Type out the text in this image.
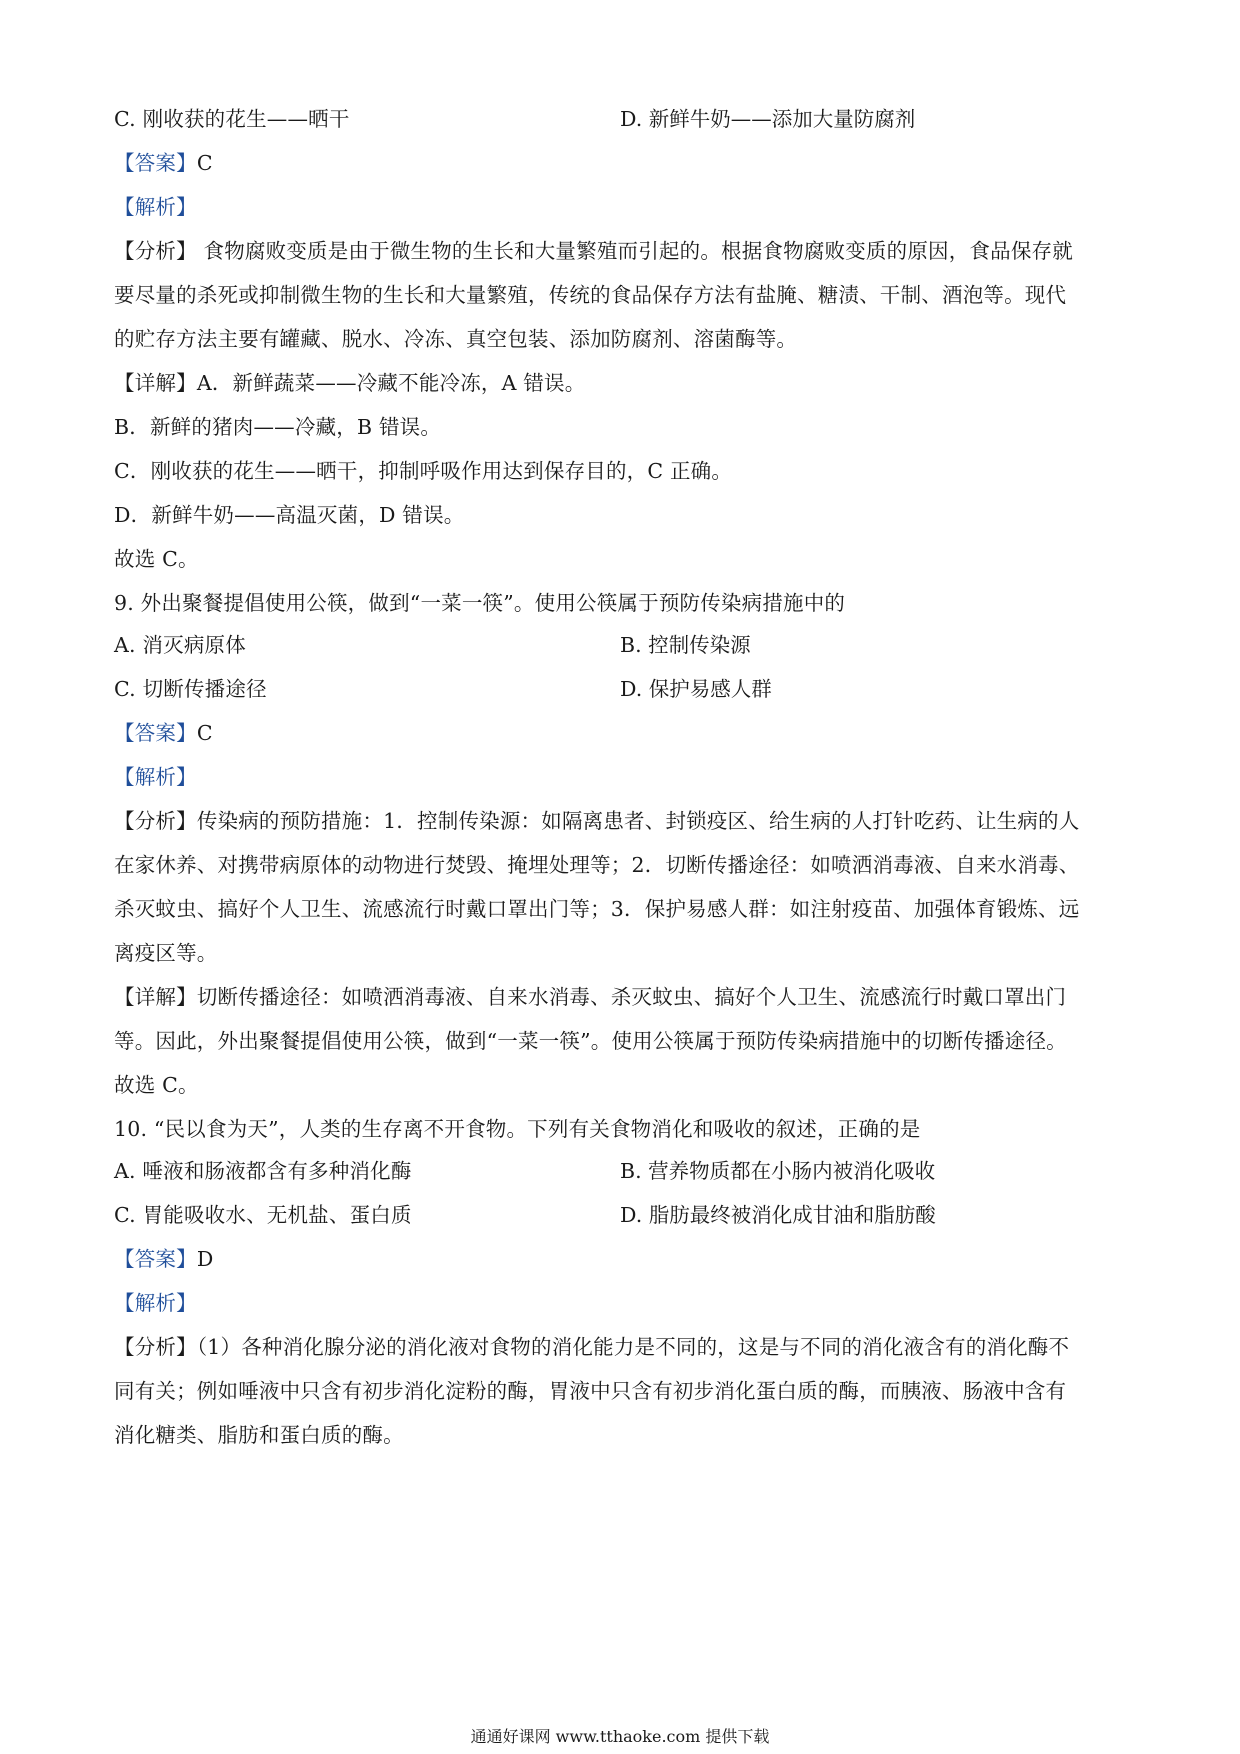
C. 刚收获的花生——晒干	D. 新鲜牛奶——添加大量防腐剂
【答案】C
【解析】
【分析】 食物腐败变质是由于微生物的生长和大量繁殖而引起的。根据食物腐败变质的原因，食品保存就
要尽量的杀死或抑制微生物的生长和大量繁殖，传统的食品保存方法有盐腌、糖渍、干制、酒泡等。现代
的贮存方法主要有罐藏、脱水、冷冻、真空包装、添加防腐剂、溶菌酶等。
【详解】A．新鲜蔬菜——冷藏不能冷冻，A 错误。
B．新鲜的猪肉——冷藏，B 错误。
C．刚收获的花生——晒干，抑制呼吸作用达到保存目的，C 正确。
D．新鲜牛奶——高温灭菌，D 错误。
故选 C。
9. 外出聚餐提倡使用公筷，做到“一菜一筷”。使用公筷属于预防传染病措施中的
A. 消灭病原体	B. 控制传染源
C. 切断传播途径	D. 保护易感人群
【答案】C
【解析】
【分析】传染病的预防措施：1．控制传染源：如隔离患者、封锁疫区、给生病的人打针吃药、让生病的人
在家休养、对携带病原体的动物进行焚毁、掩埋处理等；2．切断传播途径：如喷洒消毒液、自来水消毒、
杀灭蚊虫、搞好个人卫生、流感流行时戴口罩出门等；3．保护易感人群：如注射疫苗、加强体育锻炼、远
离疫区等。
【详解】切断传播途径：如喷洒消毒液、自来水消毒、杀灭蚊虫、搞好个人卫生、流感流行时戴口罩出门
等。因此，外出聚餐提倡使用公筷，做到“一菜一筷”。使用公筷属于预防传染病措施中的切断传播途径。
故选 C。
10. “民以食为天”，人类的生存离不开食物。下列有关食物消化和吸收的叙述，正确的是
A. 唾液和肠液都含有多种消化酶	B. 营养物质都在小肠内被消化吸收
C. 胃能吸收水、无机盐、蛋白质	D. 脂肪最终被消化成甘油和脂肪酸
【答案】D
【解析】
【分析】（1）各种消化腺分泌的消化液对食物的消化能力是不同的，这是与不同的消化液含有的消化酶不
同有关；例如唾液中只含有初步消化淀粉的酶，胃液中只含有初步消化蛋白质的酶，而胰液、肠液中含有
消化糖类、脂肪和蛋白质的酶。
通通好课网 www.tthaoke.com 提供下载
